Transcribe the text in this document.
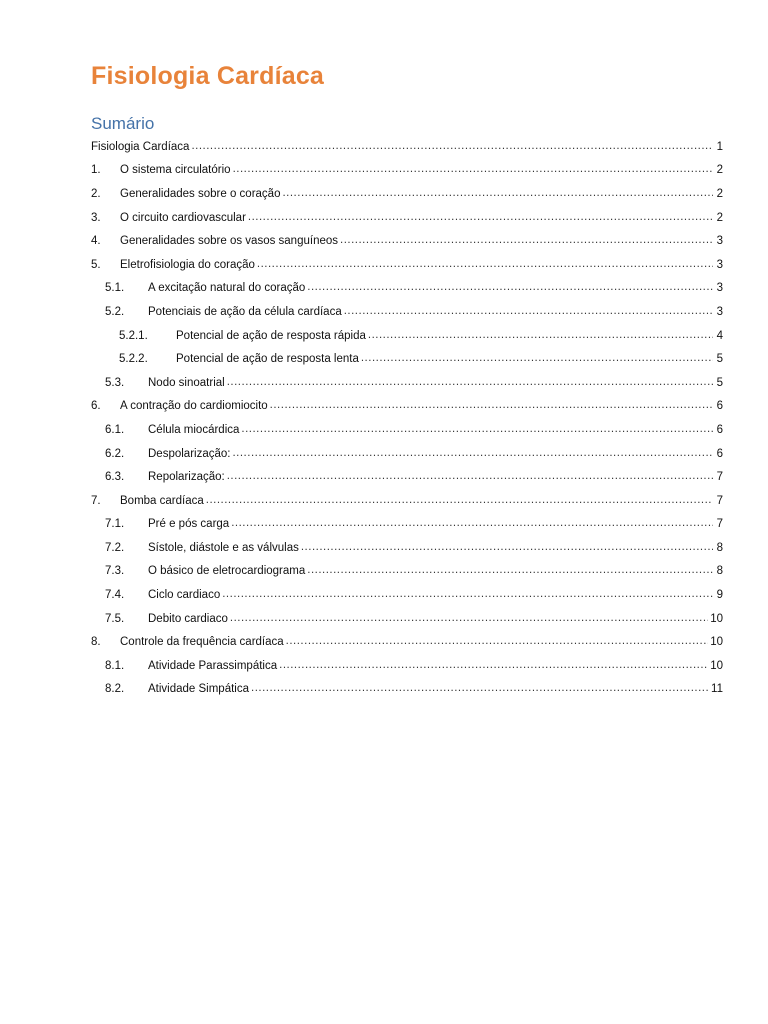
Fisiologia Cardíaca
Sumário
Fisiologia Cardíaca .....	1
1.	O sistema circulatório .....	2
2.	Generalidades sobre o coração .....	2
3.	O circuito cardiovascular .....	2
4.	Generalidades sobre os vasos sanguíneos .....	3
5.	Eletrofisiologia do coração .....	3
5.1.	A excitação natural do coração .....	3
5.2.	Potenciais de ação da célula cardíaca .....	3
5.2.1.	Potencial de ação de resposta rápida .....	4
5.2.2.	Potencial de ação de resposta lenta .....	5
5.3.	Nodo sinoatrial .....	5
6.	A contração do cardiomiocito .....	6
6.1.	Célula miocárdica .....	6
6.2.	Despolarização: .....	6
6.3.	Repolarização: .....	7
7.	Bomba cardíaca .....	7
7.1.	Pré e pós carga .....	7
7.2.	Sístole, diástole e as válvulas .....	8
7.3.	O básico de eletrocardiograma .....	8
7.4.	Ciclo cardiaco .....	9
7.5.	Debito cardiaco .....	10
8.	Controle da frequência cardíaca .....	10
8.1.	Atividade Parassimpática .....	10
8.2.	Atividade Simpática .....	11
